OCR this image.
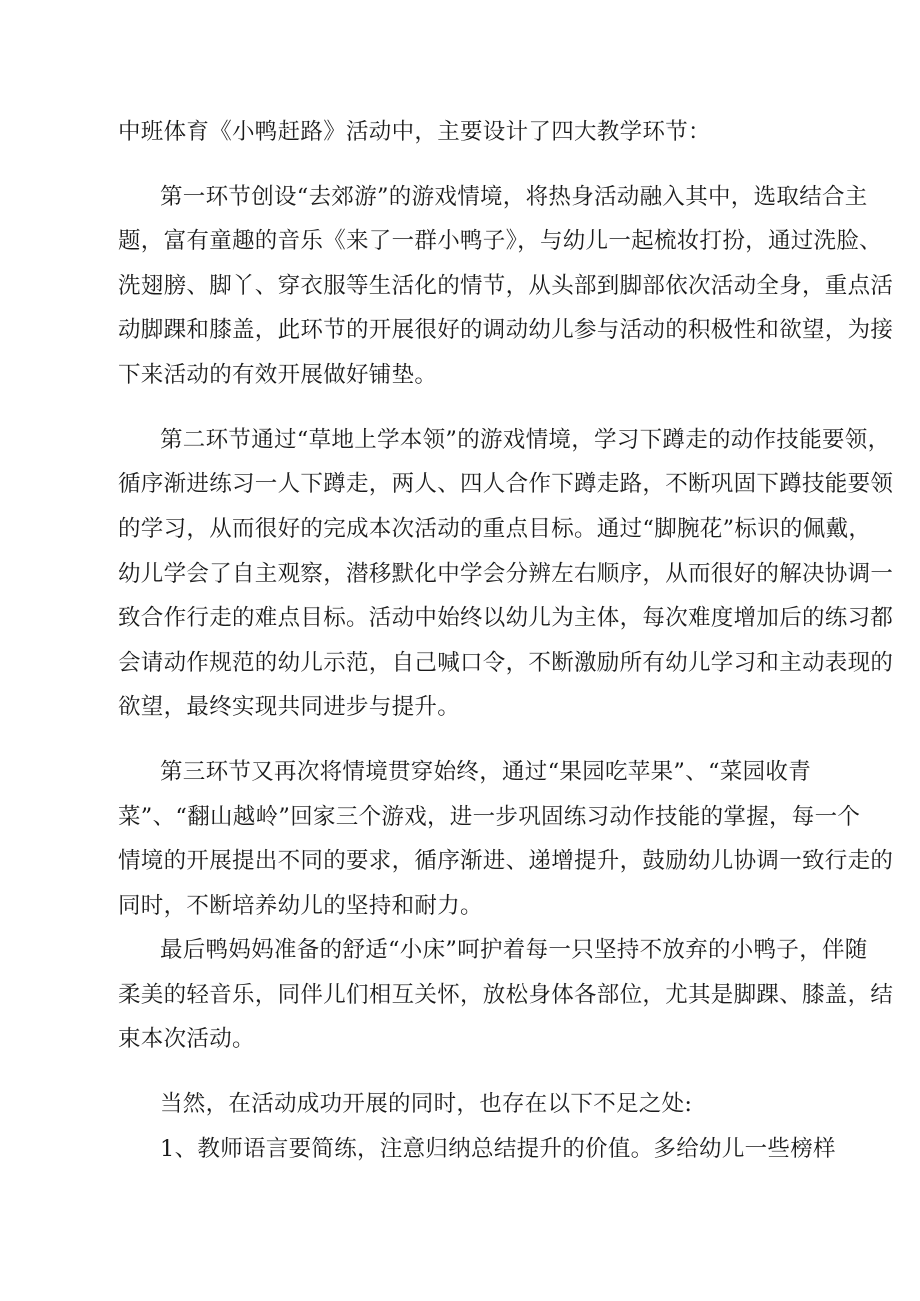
中班体育《小鸭赶路》活动中，主要设计了四大教学环节：
第一环节创设“去郊游”的游戏情境，将热身活动融入其中，选取结合主
题，富有童趣的音乐《来了一群小鸭子》，与幼儿一起梳妆打扮，通过洗脸、
洗翅膀、脚丫、穿衣服等生活化的情节，从头部到脚部依次活动全身，重点活
动脚踝和膝盖，此环节的开展很好的调动幼儿参与活动的积极性和欲望，为接
下来活动的有效开展做好铺垫。
第二环节通过“草地上学本领”的游戏情境，学习下蹲走的动作技能要领，
循序渐进练习一人下蹲走，两人、四人合作下蹲走路，不断巩固下蹲技能要领
的学习，从而很好的完成本次活动的重点目标。通过“脚腕花”标识的佩戴，
幼儿学会了自主观察，潜移默化中学会分辨左右顺序，从而很好的解决协调一
致合作行走的难点目标。活动中始终以幼儿为主体，每次难度增加后的练习都
会请动作规范的幼儿示范，自己喊口令，不断激励所有幼儿学习和主动表现的
欲望，最终实现共同进步与提升。
第三环节又再次将情境贯穿始终，通过“果园吃苹果”、“菜园收青
菜”、“翻山越岭”回家三个游戏，进一步巩固练习动作技能的掌握，每一个
情境的开展提出不同的要求，循序渐进、递增提升，鼓励幼儿协调一致行走的
同时，不断培养幼儿的坚持和耐力。
最后鸭妈妈准备的舒适“小床”呵护着每一只坚持不放弃的小鸭子，伴随
柔美的轻音乐，同伴儿们相互关怀，放松身体各部位，尤其是脚踝、膝盖，结
束本次活动。
当然，在活动成功开展的同时，也存在以下不足之处:
1、教师语言要简练，注意归纳总结提升的价值。多给幼儿一些榜样
